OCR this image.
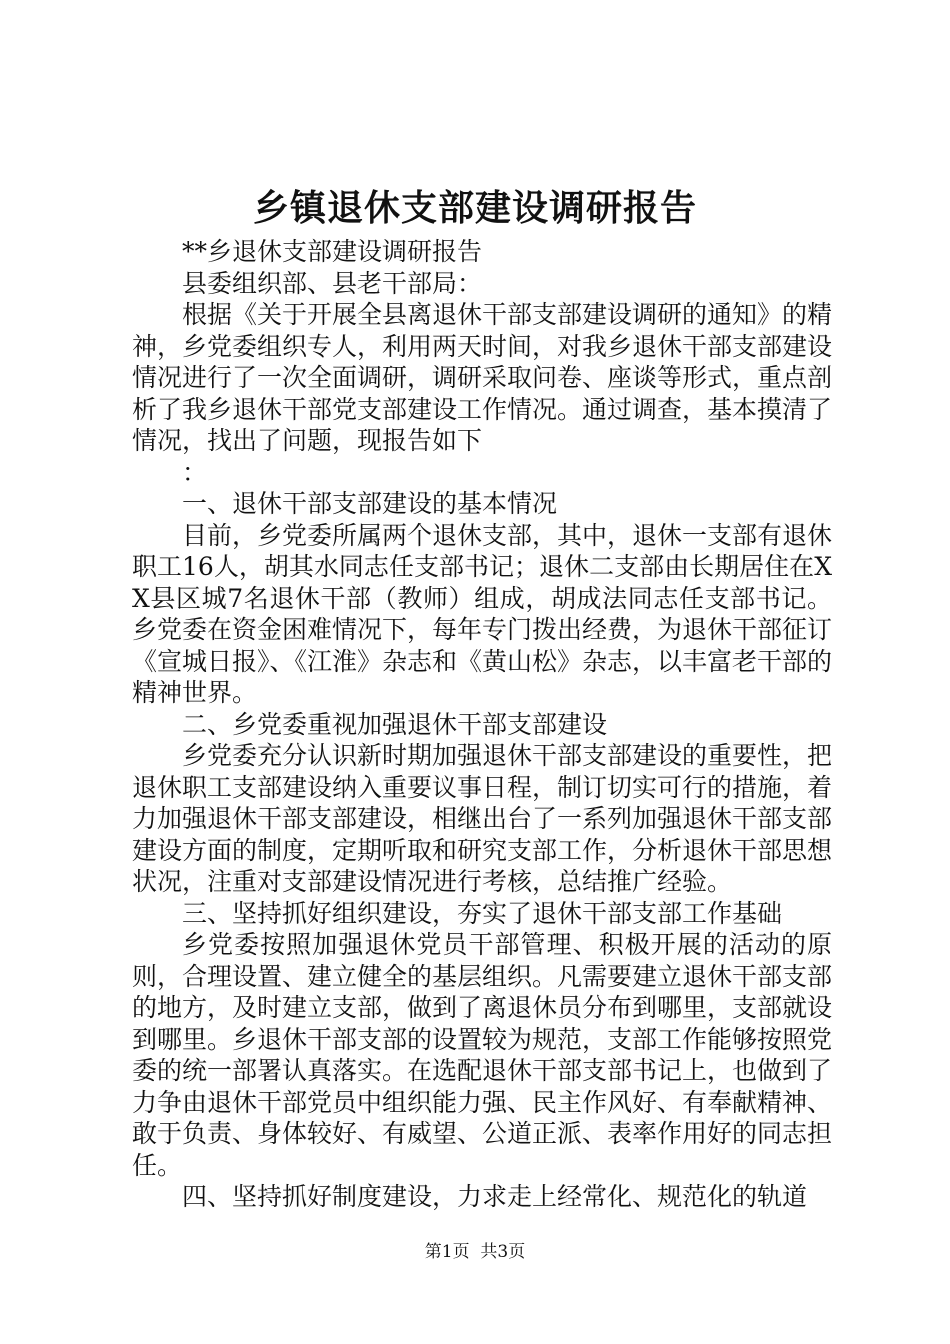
乡镇退休支部建设调研报告

**乡退休支部建设调研报告

县委组织部、县老干部局：

根据《关于开展全县离退休干部支部建设调研的通知》的精神，乡党委组织专人，利用两天时间，对我乡退休干部支部建设情况进行了一次全面调研，调研采取问卷、座谈等形式，重点剖析了我乡退休干部党支部建设工作情况。通过调查，基本摸清了情况，找出了问题，现报告如下

：

一、退休干部支部建设的基本情况

目前，乡党委所属两个退休支部，其中，退休一支部有退休职工16人，胡其水同志任支部书记；退休二支部由长期居住在XX县区城7名退休干部（教师）组成，胡成法同志任支部书记。乡党委在资金困难情况下，每年专门拨出经费，为退休干部征订《宣城日报》、《江淮》杂志和《黄山松》杂志，以丰富老干部的精神世界。

二、乡党委重视加强退休干部支部建设

乡党委充分认识新时期加强退休干部支部建设的重要性，把退休职工支部建设纳入重要议事日程，制订切实可行的措施，着力加强退休干部支部建设，相继出台了一系列加强退休干部支部建设方面的制度，定期听取和研究支部工作，分析退休干部思想状况，注重对支部建设情况进行考核，总结推广经验。

三、坚持抓好组织建设，夯实了退休干部支部工作基础

乡党委按照加强退休党员干部管理、积极开展的活动的原则，合理设置、建立健全的基层组织。凡需要建立退休干部支部的地方，及时建立支部，做到了离退休员分布到哪里，支部就设到哪里。乡退休干部支部的设置较为规范，支部工作能够按照党委的统一部署认真落实。在选配退休干部支部书记上，也做到了力争由退休干部党员中组织能力强、民主作风好、有奉献精神、敢于负责、身体较好、有威望、公道正派、表率作用好的同志担任。

四、坚持抓好制度建设，力求走上经常化、规范化的轨道

第1页 共3页
